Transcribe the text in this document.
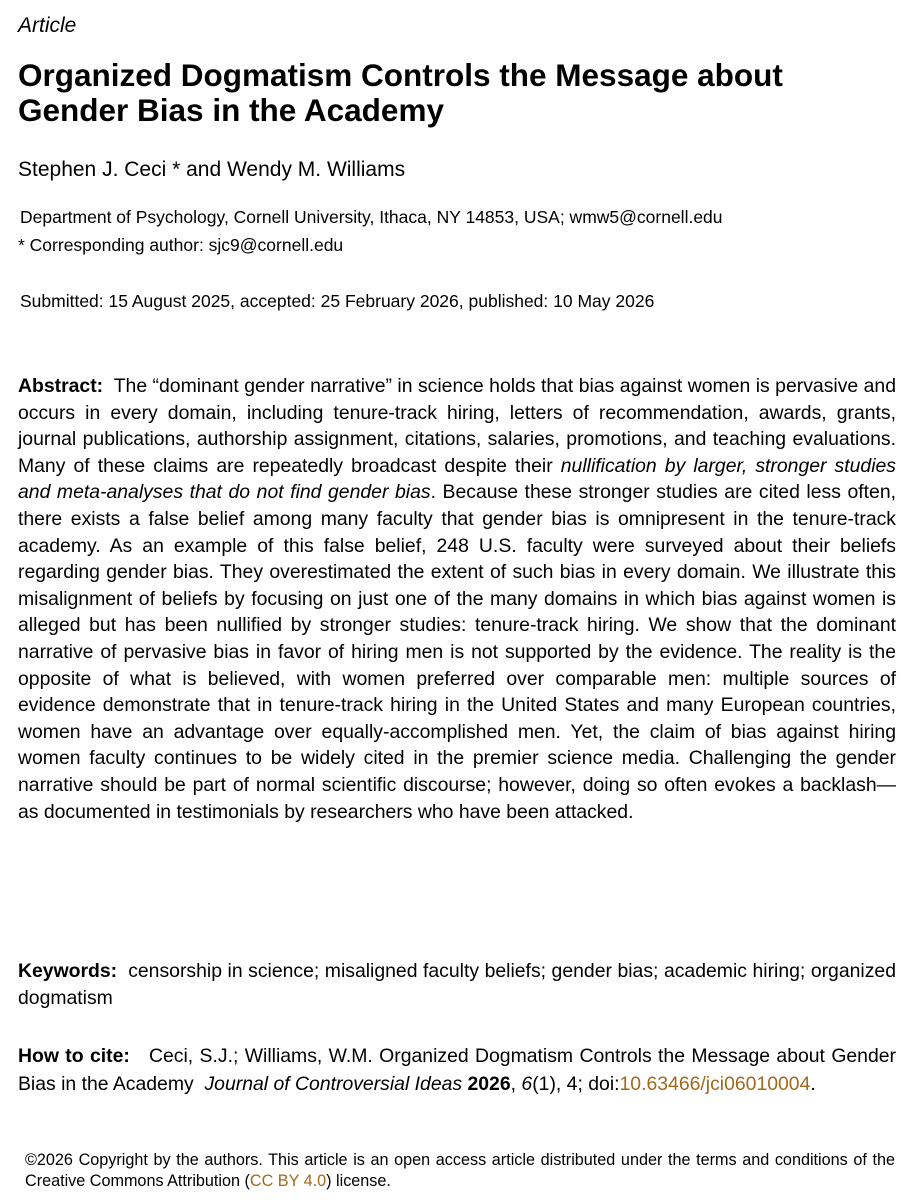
Article
Organized Dogmatism Controls the Message about Gender Bias in the Academy
Stephen J. Ceci * and Wendy M. Williams
Department of Psychology, Cornell University, Ithaca, NY 14853, USA; wmw5@cornell.edu
* Corresponding author: sjc9@cornell.edu
Submitted: 15 August 2025, accepted: 25 February 2026, published: 10 May 2026

Abstract: The “dominant gender narrative” in science holds that bias against women is pervasive and occurs in every domain, including tenure-track hiring, letters of recommendation, awards, grants, journal publications, authorship assignment, citations, salaries, promotions, and teaching evaluations. Many of these claims are repeatedly broadcast despite their nullification by larger, stronger studies and meta-analyses that do not find gender bias. Because these stronger studies are cited less often, there exists a false belief among many faculty that gender bias is omnipresent in the tenure-track academy. As an example of this false belief, 248 U.S. faculty were surveyed about their beliefs regarding gender bias. They overestimated the extent of such bias in every domain. We illustrate this misalignment of beliefs by focusing on just one of the many domains in which bias against women is alleged but has been nullified by stronger studies: tenure-track hiring. We show that the dominant narrative of pervasive bias in favor of hiring men is not supported by the evidence. The reality is the opposite of what is believed, with women preferred over comparable men: multiple sources of evidence demonstrate that in tenure-track hiring in the United States and many European countries, women have an advantage over equally-accomplished men. Yet, the claim of bias against hiring women faculty continues to be widely cited in the premier science media. Challenging the gender narrative should be part of normal scientific discourse; however, doing so often evokes a backlash—as documented in testimonials by researchers who have been attacked.

Keywords: censorship in science; misaligned faculty beliefs; gender bias; academic hiring; organized dogmatism

How to cite: Ceci, S.J.; Williams, W.M. Organized Dogmatism Controls the Message about Gender Bias in the Academy Journal of Controversial Ideas 2026, 6(1), 4; doi:10.63466/jci06010004.

©2026 Copyright by the authors. This article is an open access article distributed under the terms and conditions of the Creative Commons Attribution (CC BY 4.0) license.
